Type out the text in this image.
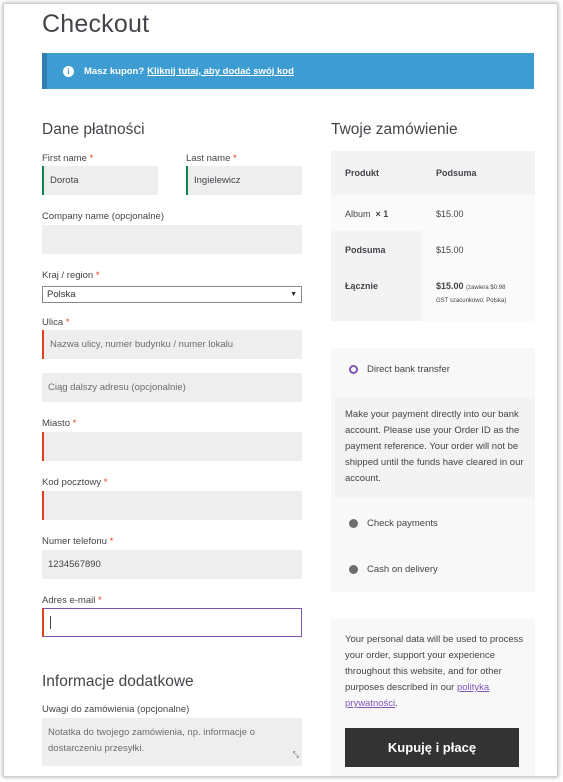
Checkout
i	Masz kupon? Kliknij tutaj, aby dodać swój kod
Dane płatności
First name *
Dorota
Last name *
Ingielewicz
Company name (opcjonalne)
Kraj / region *
Polska	▼
Ulica *
Nazwa ulicy, numer budynku / numer lokalu
Ciąg dalszy adresu (opcjonalnie)
Miasto *
Kod pocztowy *
Numer telefonu *
1234567890
Adres e-mail *
Informacje dodatkowe
Uwagi do zamówienia (opcjonalne)
Notatka do twojego zamówienia, np. informacje o dostarczeniu przesyłki.
⤡
Twoje zamówienie
Produkt	Podsuma
Album × 1	$15.00
Podsuma	$15.00
Łącznie	$15.00 (zawiera $0.98
GST szacunkowo: Polska)
Direct bank transfer
Make your payment directly into our bank account. Please use your Order ID as the payment reference. Your order will not be shipped until the funds have cleared in our account.
Check payments
Cash on delivery
Your personal data will be used to process your order, support your experience throughout this website, and for other purposes described in our polityka prywatności.
Kupuję i płacę
